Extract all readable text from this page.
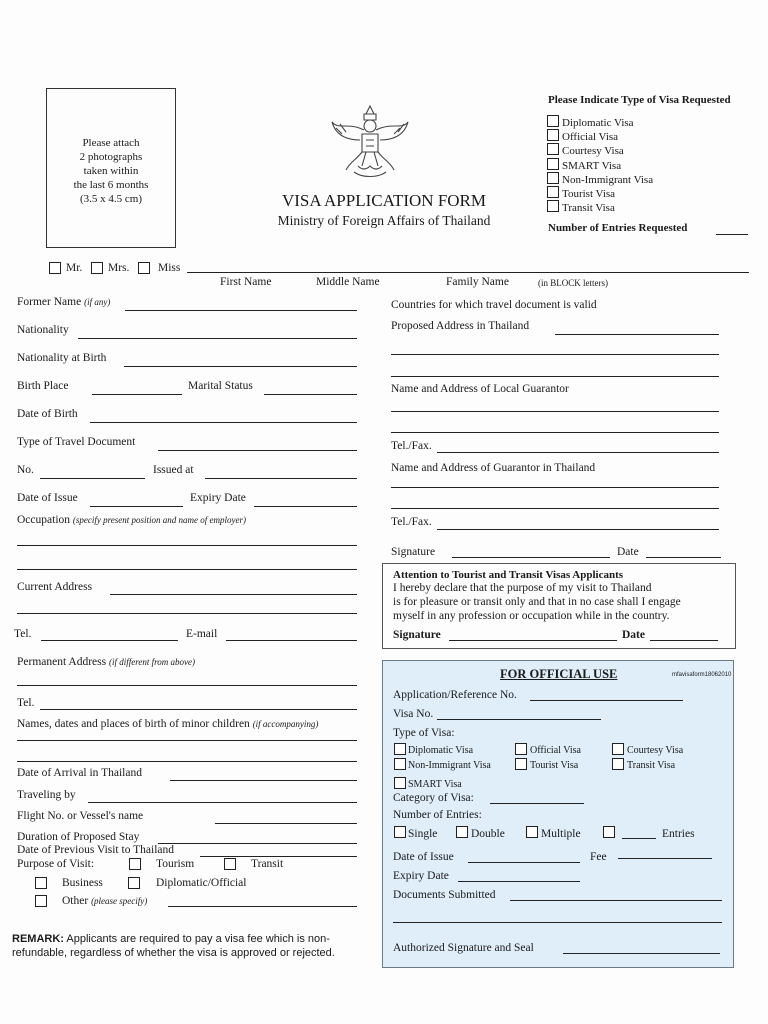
Please attach
2 photographs
taken within
the last 6 months
(3.5 x 4.5 cm)	VISA APPLICATION FORM
Ministry of Foreign Affairs of Thailand
Please Indicate Type of Visa Requested
Diplomatic Visa
Official Visa
Courtesy Visa
SMART Visa
Non-Immigrant Visa
Tourist Visa
Transit Visa
Number of Entries Requested
Mr. Mrs. Miss
First Name	Middle Name	Family Name	(in BLOCK letters)
Former Name (if any)
Nationality
Nationality at Birth
Birth Place	Marital Status
Date of Birth
Type of Travel Document
No.	Issued at
Date of Issue	Expiry Date
Occupation (specify present position and name of employer)
Current Address
Tel.	E-mail
Permanent Address (if different from above)
Tel.
Names, dates and places of birth of minor children (if accompanying)
Date of Arrival in Thailand
Traveling by
Flight No. or Vessel's name
Duration of Proposed Stay
Date of Previous Visit to Thailand
Purpose of Visit:	Tourism	Transit
Business	Diplomatic/Official
Other (please specify)
REMARK: Applicants are required to pay a visa fee which is non-
refundable, regardless of whether the visa is approved or rejected.
Countries for which travel document is valid
Proposed Address in Thailand
Name and Address of Local Guarantor
Tel./Fax.
Name and Address of Guarantor in Thailand
Tel./Fax.
Signature	Date
Attention to Tourist and Transit Visas Applicants
I hereby declare that the purpose of my visit to Thailand
is for pleasure or transit only and that in no case shall I engage
myself in any profession or occupation while in the country.
Signature	Date
FOR OFFICIAL USE	mfavisaform18062010
Application/Reference No.
Visa No.
Type of Visa:
Diplomatic Visa	Official Visa	Courtesy Visa
Non-Immigrant Visa	Tourist Visa	Transit Visa
SMART Visa
Category of Visa:
Number of Entries:
Single	Double	Multiple	Entries
Date of Issue	Fee
Expiry Date
Documents Submitted
Authorized Signature and Seal
